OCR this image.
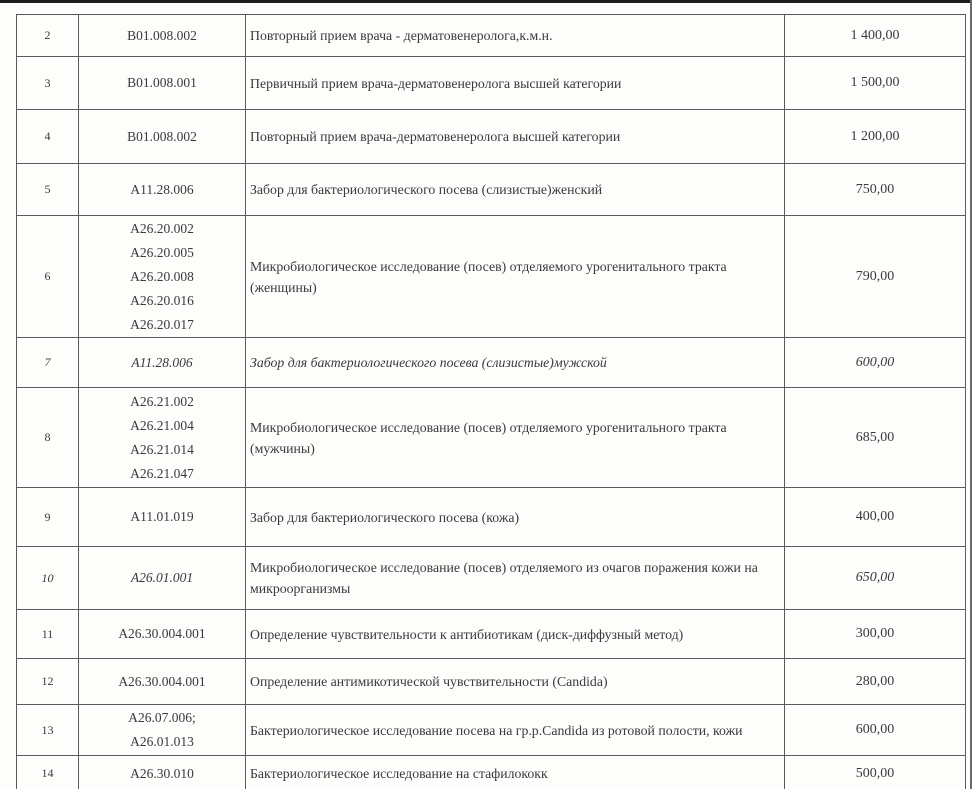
2	B01.008.002	Повторный прием врача - дерматовенеролога,к.м.н.	1 400,00
3	B01.008.001	Первичный прием врача-дерматовенеролога высшей категории	1 500,00
4	B01.008.002	Повторный прием врача-дерматовенеролога высшей категории	1 200,00
5	A11.28.006	Забор для бактериологического посева (слизистые)женский	750,00
6	A26.20.002
A26.20.005
A26.20.008
A26.20.016
A26.20.017	Микробиологическое исследование (посев) отделяемого урогенитального тракта (женщины)	790,00
7	A11.28.006	Забор для бактериологического посева (слизистые)мужской	600,00
8	A26.21.002
A26.21.004
A26.21.014
A26.21.047	Микробиологическое исследование (посев) отделяемого урогенитального тракта (мужчины)	685,00
9	A11.01.019	Забор для бактериологического посева (кожа)	400,00
10	A26.01.001	Микробиологическое исследование (посев) отделяемого из очагов поражения кожи на микроорганизмы	650,00
11	A26.30.004.001	Определение чувствительности к антибиотикам (диск-диффузный метод)	300,00
12	A26.30.004.001	Определение антимикотической чувствительности (Candida)	280,00
13	A26.07.006;
A26.01.013	Бактериологическое исследование посева на гр.р.Candida из ротовой полости, кожи	600,00
14	A26.30.010	Бактериологическое исследование на стафилококк	500,00
